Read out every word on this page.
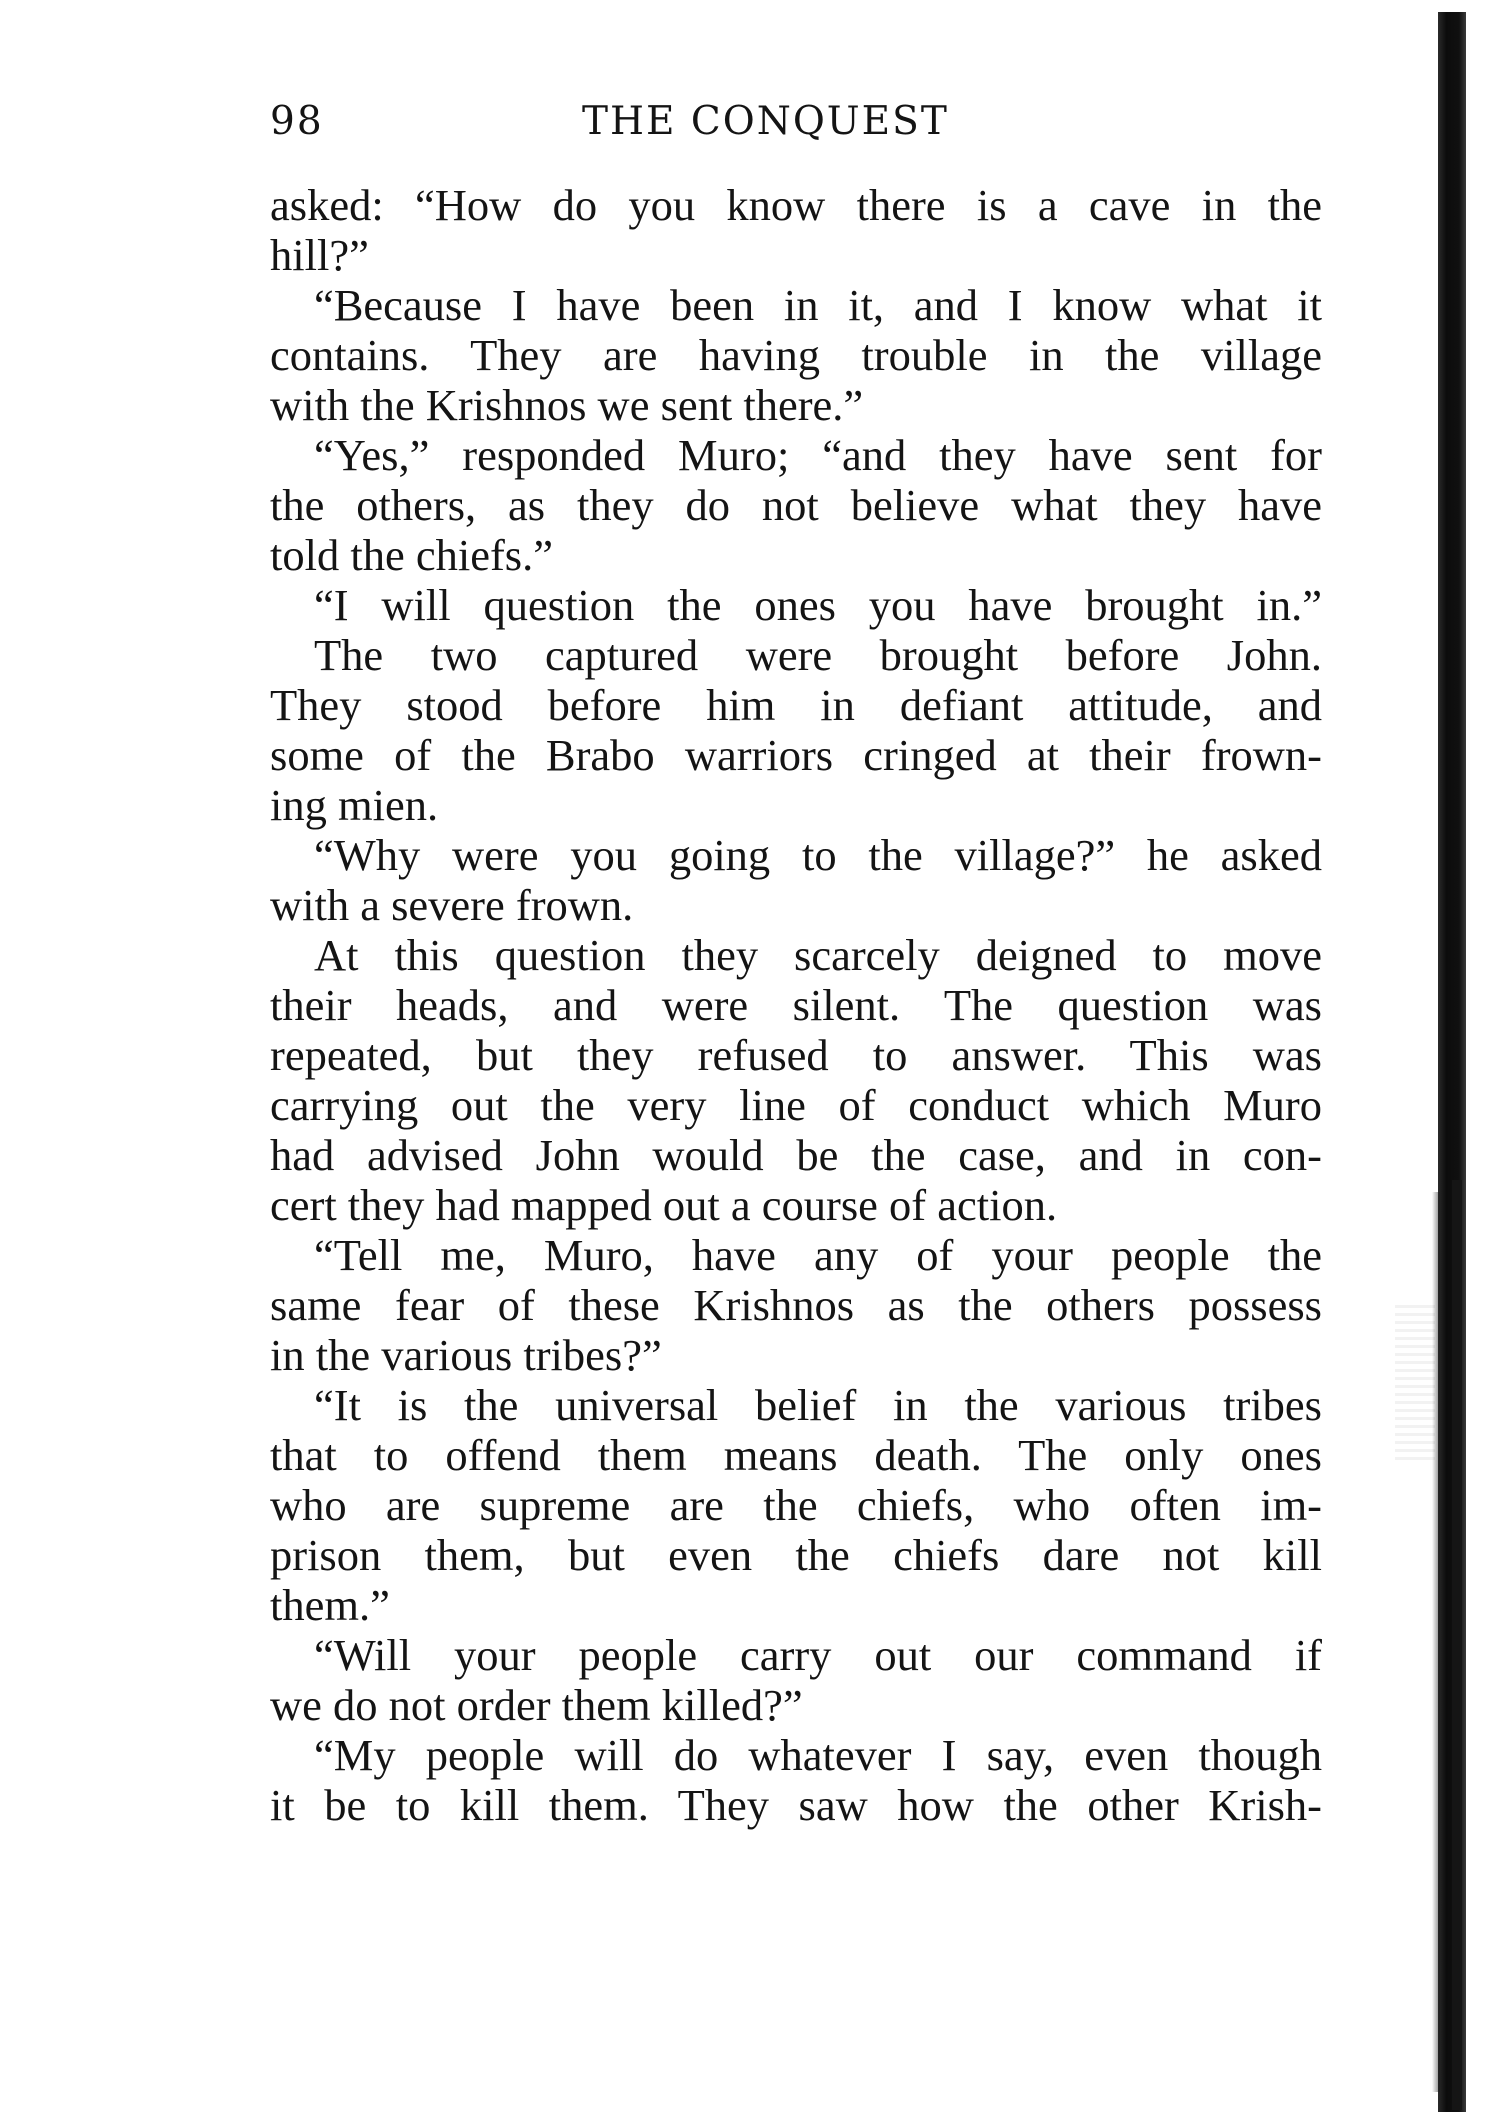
98	THE CONQUEST
asked: “How do you know there is a cave in the
hill?”
“Because I have been in it, and I know what it
contains. They are having trouble in the village
with the Krishnos we sent there.”
“Yes,” responded Muro; “and they have sent for
the others, as they do not believe what they have
told the chiefs.”
“I will question the ones you have brought in.”
The two captured were brought before John.
They stood before him in defiant attitude, and
some of the Brabo warriors cringed at their frown-
ing mien.
“Why were you going to the village?” he asked
with a severe frown.
At this question they scarcely deigned to move
their heads, and were silent. The question was
repeated, but they refused to answer. This was
carrying out the very line of conduct which Muro
had advised John would be the case, and in con-
cert they had mapped out a course of action.
“Tell me, Muro, have any of your people the
same fear of these Krishnos as the others possess
in the various tribes?”
“It is the universal belief in the various tribes
that to offend them means death. The only ones
who are supreme are the chiefs, who often im-
prison them, but even the chiefs dare not kill
them.”
“Will your people carry out our command if
we do not order them killed?”
“My people will do whatever I say, even though
it be to kill them. They saw how the other Krish-
